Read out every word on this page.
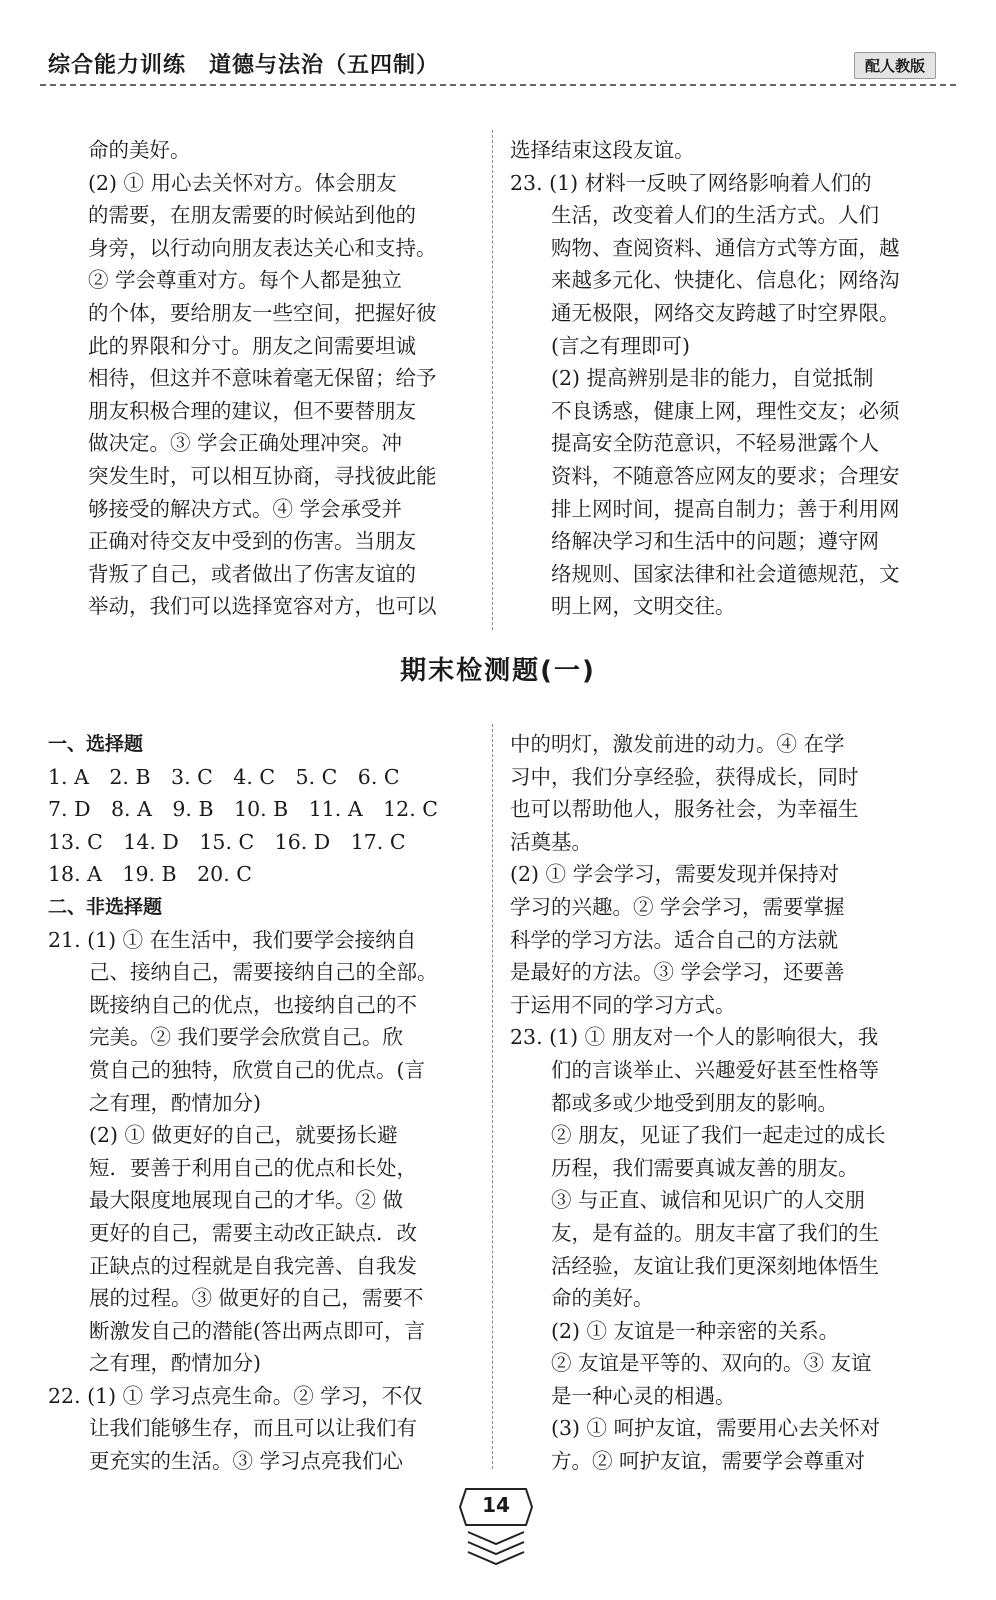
综合能力训练　道德与法治（五四制）	配人教版
命的美好。
(2) ① 用心去关怀对方。体会朋友
的需要，在朋友需要的时候站到他的
身旁，以行动向朋友表达关心和支持。
② 学会尊重对方。每个人都是独立
的个体，要给朋友一些空间，把握好彼
此的界限和分寸。朋友之间需要坦诚
相待，但这并不意味着毫无保留；给予
朋友积极合理的建议，但不要替朋友
做决定。③ 学会正确处理冲突。冲
突发生时，可以相互协商，寻找彼此能
够接受的解决方式。④ 学会承受并
正确对待交友中受到的伤害。当朋友
背叛了自己，或者做出了伤害友谊的
举动，我们可以选择宽容对方，也可以
选择结束这段友谊。
23. (1) 材料一反映了网络影响着人们的
　　生活，改变着人们的生活方式。人们
　　购物、查阅资料、通信方式等方面，越
　　来越多元化、快捷化、信息化；网络沟
　　通无极限，网络交友跨越了时空界限。
　　(言之有理即可)
　　(2) 提高辨别是非的能力，自觉抵制
　　不良诱惑，健康上网，理性交友；必须
　　提高安全防范意识，不轻易泄露个人
　　资料，不随意答应网友的要求；合理安
　　排上网时间，提高自制力；善于利用网
　　络解决学习和生活中的问题；遵守网
　　络规则、国家法律和社会道德规范，文
　　明上网，文明交往。
期末检测题(一)
一、选择题
1. A　2. B　3. C　4. C　5. C　6. C
7. D　8. A　9. B　10. B　11. A　12. C
13. C　14. D　15. C　16. D　17. C
18. A　19. B　20. C
二、非选择题
21. (1) ① 在生活中，我们要学会接纳自
　　己、接纳自己，需要接纳自己的全部。
　　既接纳自己的优点，也接纳自己的不
　　完美。② 我们要学会欣赏自己。欣
　　赏自己的独特，欣赏自己的优点。(言
　　之有理，酌情加分)
　　(2) ① 做更好的自己，就要扬长避
　　短．要善于利用自己的优点和长处，
　　最大限度地展现自己的才华。② 做
　　更好的自己，需要主动改正缺点．改
　　正缺点的过程就是自我完善、自我发
　　展的过程。③ 做更好的自己，需要不
　　断激发自己的潜能(答出两点即可，言
　　之有理，酌情加分)
22. (1) ① 学习点亮生命。② 学习，不仅
　　让我们能够生存，而且可以让我们有
　　更充实的生活。③ 学习点亮我们心
中的明灯，激发前进的动力。④ 在学
习中，我们分享经验，获得成长，同时
也可以帮助他人，服务社会，为幸福生
活奠基。
(2) ① 学会学习，需要发现并保持对
学习的兴趣。② 学会学习，需要掌握
科学的学习方法。适合自己的方法就
是最好的方法。③ 学会学习，还要善
于运用不同的学习方式。
23. (1) ① 朋友对一个人的影响很大，我
　　们的言谈举止、兴趣爱好甚至性格等
　　都或多或少地受到朋友的影响。
　　② 朋友，见证了我们一起走过的成长
　　历程，我们需要真诚友善的朋友。
　　③ 与正直、诚信和见识广的人交朋
　　友，是有益的。朋友丰富了我们的生
　　活经验，友谊让我们更深刻地体悟生
　　命的美好。
　　(2) ① 友谊是一种亲密的关系。
　　② 友谊是平等的、双向的。③ 友谊
　　是一种心灵的相遇。
　　(3) ① 呵护友谊，需要用心去关怀对
　　方。② 呵护友谊，需要学会尊重对
14
